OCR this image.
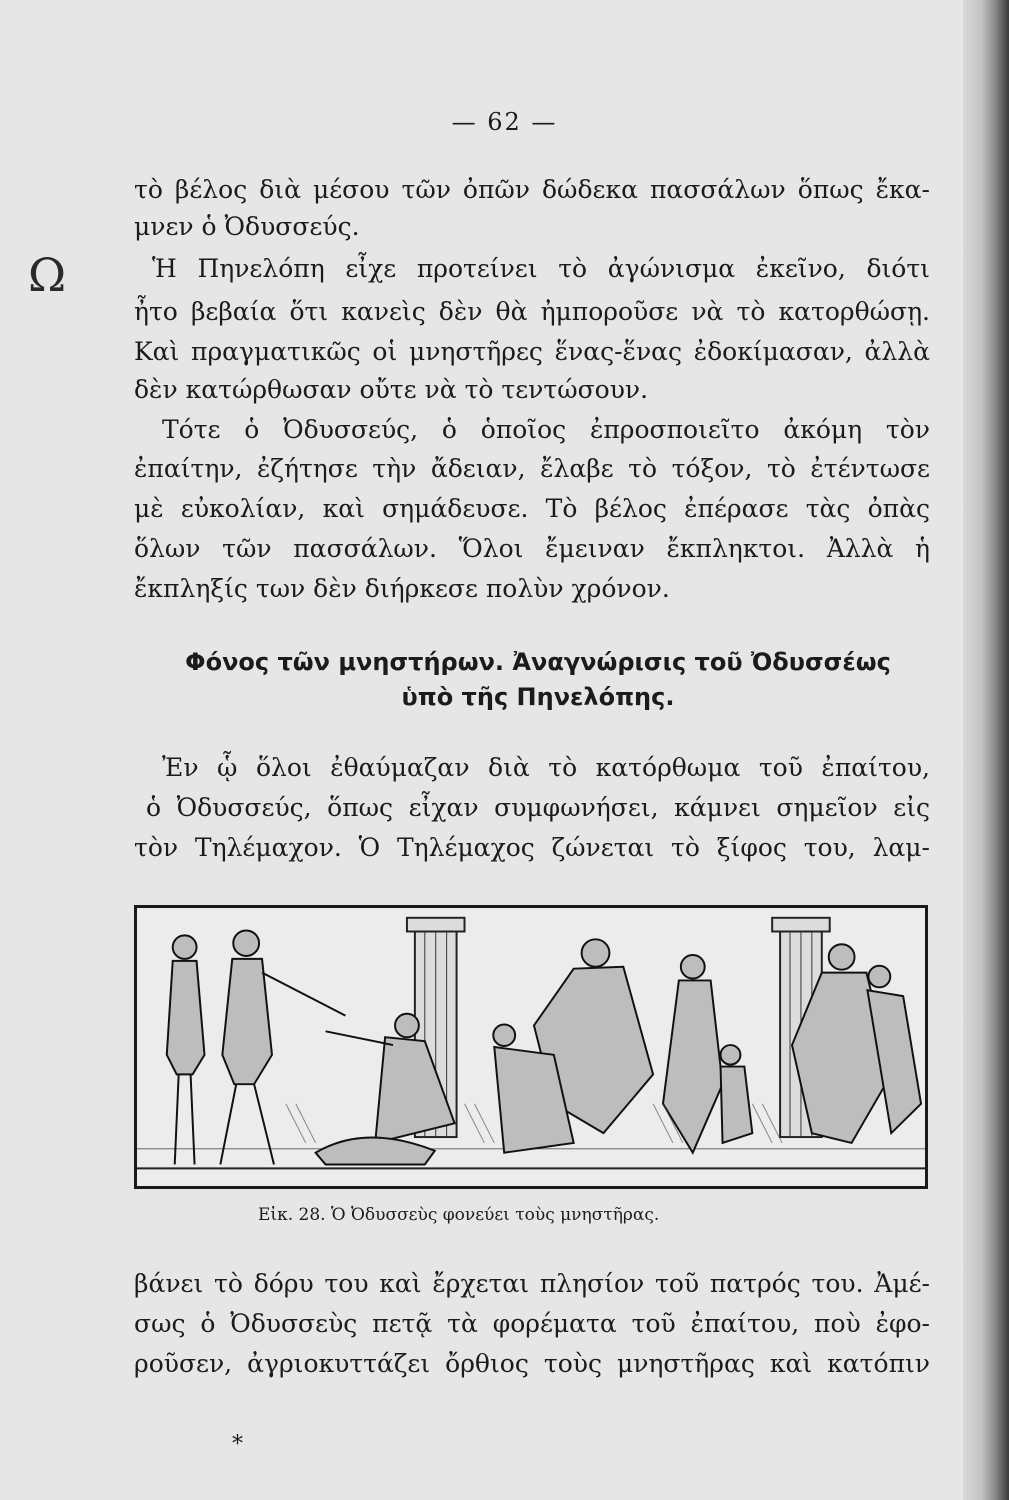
— 62 —
Ω
τὸ βέλος διὰ μέσου τῶν ὀπῶν δώδεκα πασσάλων ὅπως ἔκα-
μνεν ὁ Ὀδυσσεύς.
Ἡ Πηνελόπη εἶχε προτείνει τὸ ἀγώνισμα ἐκεῖνο, διότι
ἦτο βεβαία ὅτι κανεὶς δὲν θὰ ἠμποροῦσε νὰ τὸ κατορθώσῃ.
Καὶ πραγματικῶς οἱ μνηστῆρες ἕνας-ἕνας ἐδοκίμασαν, ἀλλὰ
δὲν κατώρθωσαν οὔτε νὰ τὸ τεντώσουν.
Τότε ὁ Ὀδυσσεύς, ὁ ὁποῖος ἐπροσποιεῖτο ἀκόμη τὸν
ἐπαίτην, ἐζήτησε τὴν ἄδειαν, ἔλαβε τὸ τόξον, τὸ ἐτέντωσε
μὲ εὐκολίαν, καὶ σημάδευσε. Τὸ βέλος ἐπέρασε τὰς ὀπὰς
ὅλων τῶν πασσάλων. Ὅλοι ἔμειναν ἔκπληκτοι. Ἀλλὰ ἡ
ἔκπληξίς των δὲν διήρκεσε πολὺν χρόνον.
Φόνος τῶν μνηστήρων. Ἀναγνώρισις τοῦ Ὀδυσσέως
ὑπὸ τῆς Πηνελόπης.
Ἐν ᾧ ὅλοι ἐθαύμαζαν διὰ τὸ κατόρθωμα τοῦ ἐπαίτου,
ὁ Ὀδυσσεύς, ὅπως εἶχαν συμφωνήσει, κάμνει σημεῖον εἰς
τὸν Τηλέμαχον. Ὁ Τηλέμαχος ζώνεται τὸ ξίφος του, λαμ-
Εἰκ. 28. Ὁ Ὀδυσσεὺς φονεύει τοὺς μνηστῆρας.
βάνει τὸ δόρυ του καὶ ἔρχεται πλησίον τοῦ πατρός του. Ἀμέ-
σως ὁ Ὀδυσσεὺς πετᾷ τὰ φορέματα τοῦ ἐπαίτου, ποὺ ἐφο-
ροῦσεν, ἀγριοκυττάζει ὄρθιος τοὺς μνηστῆρας καὶ κατόπιν
*
